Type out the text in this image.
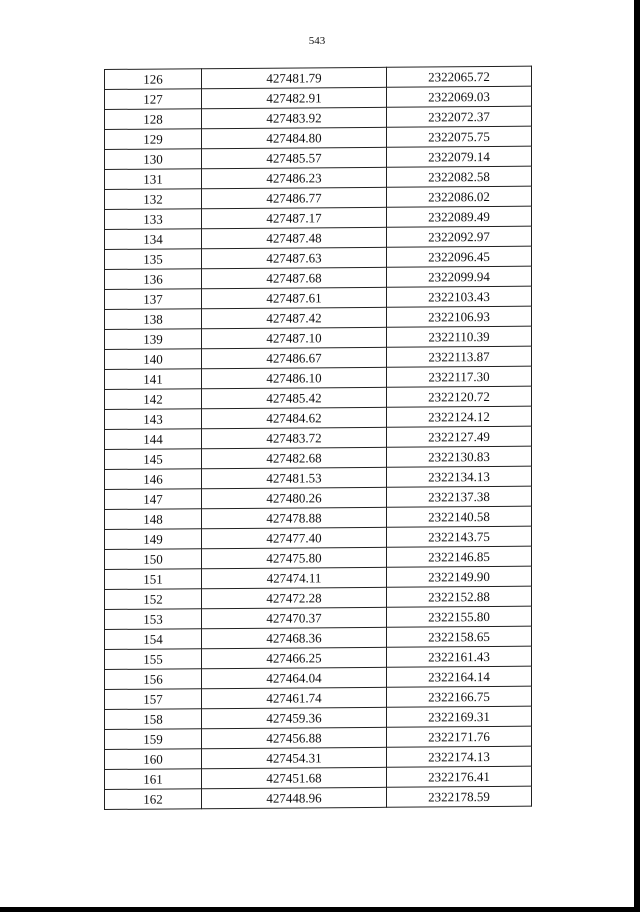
543
126	427481.79	2322065.72
127	427482.91	2322069.03
128	427483.92	2322072.37
129	427484.80	2322075.75
130	427485.57	2322079.14
131	427486.23	2322082.58
132	427486.77	2322086.02
133	427487.17	2322089.49
134	427487.48	2322092.97
135	427487.63	2322096.45
136	427487.68	2322099.94
137	427487.61	2322103.43
138	427487.42	2322106.93
139	427487.10	2322110.39
140	427486.67	2322113.87
141	427486.10	2322117.30
142	427485.42	2322120.72
143	427484.62	2322124.12
144	427483.72	2322127.49
145	427482.68	2322130.83
146	427481.53	2322134.13
147	427480.26	2322137.38
148	427478.88	2322140.58
149	427477.40	2322143.75
150	427475.80	2322146.85
151	427474.11	2322149.90
152	427472.28	2322152.88
153	427470.37	2322155.80
154	427468.36	2322158.65
155	427466.25	2322161.43
156	427464.04	2322164.14
157	427461.74	2322166.75
158	427459.36	2322169.31
159	427456.88	2322171.76
160	427454.31	2322174.13
161	427451.68	2322176.41
162	427448.96	2322178.59
